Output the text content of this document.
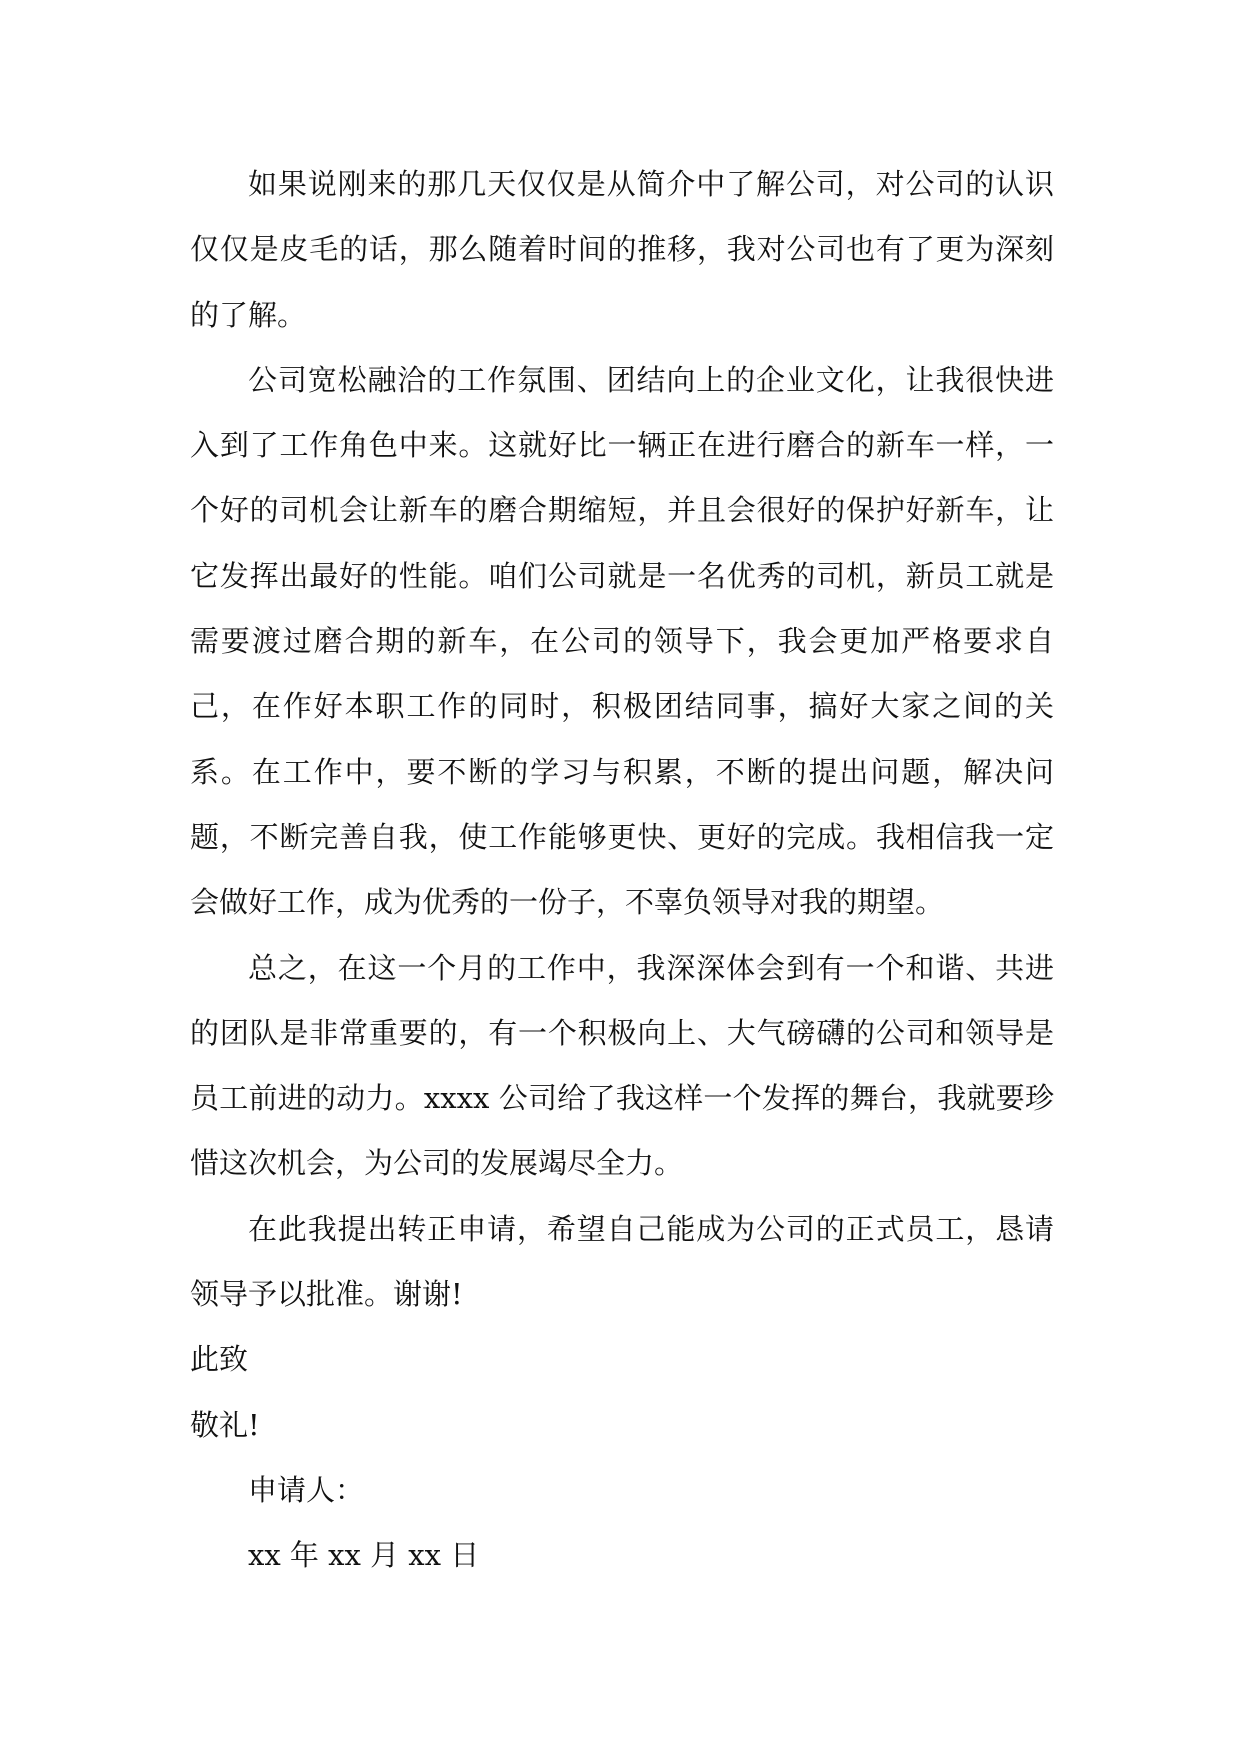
如果说刚来的那几天仅仅是从简介中了解公司，对公司的认识仅仅是皮毛的话，那么随着时间的推移，我对公司也有了更为深刻的了解。

公司宽松融洽的工作氛围、团结向上的企业文化，让我很快进入到了工作角色中来。这就好比一辆正在进行磨合的新车一样，一个好的司机会让新车的磨合期缩短，并且会很好的保护好新车，让它发挥出最好的性能。咱们公司就是一名优秀的司机，新员工就是需要渡过磨合期的新车，在公司的领导下，我会更加严格要求自己，在作好本职工作的同时，积极团结同事，搞好大家之间的关系。在工作中，要不断的学习与积累，不断的提出问题，解决问题，不断完善自我，使工作能够更快、更好的完成。我相信我一定会做好工作，成为优秀的一份子，不辜负领导对我的期望。

总之，在这一个月的工作中，我深深体会到有一个和谐、共进的团队是非常重要的，有一个积极向上、大气磅礴的公司和领导是员工前进的动力。xxxx 公司给了我这样一个发挥的舞台，我就要珍惜这次机会，为公司的发展竭尽全力。

在此我提出转正申请，希望自己能成为公司的正式员工，恳请领导予以批准。谢谢!

此致

敬礼!

申请人：

xx 年 xx 月 xx 日
